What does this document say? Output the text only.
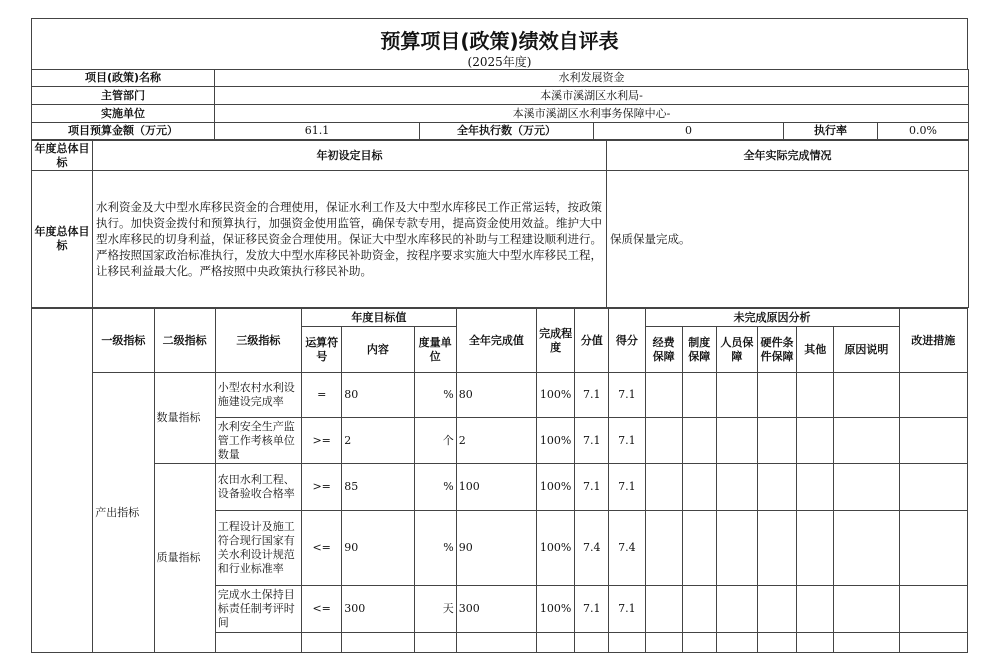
预算项目(政策)绩效自评表
(2025年度)
项目(政策)名称	水利发展资金				
主管部门	本溪市溪湖区水利局-				
实施单位	本溪市溪湖区水利事务保障中心-				
项目预算金额（万元）	61.1	全年执行数（万元）	0	执行率	0.0%
年度总体目标	年初设定目标	全年实际完成情况
年度总体目标	水利资金及大中型水库移民资金的合理使用，保证水利工作及大中型水库移民工作正常运转，按政策执行。加快资金拨付和预算执行，加强资金使用监管，确保专款专用，提高资金使用效益。维护大中型水库移民的切身利益，保证移民资金合理使用。保证大中型水库移民的补助与工程建设顺利进行。严格按照国家政治标准执行，发放大中型水库移民补助资金，按程序要求实施大中型水库移民工程，让移民利益最大化。严格按照中央政策执行移民补助。	保质保量完成。
	一级指标	二级指标	三级指标	年度目标值			全年完成值	完成程度	分值	得分	未完成原因分析						改进措施
				运算符号	内容	度量单位					经费保障	制度保障	人员保障	硬件条件保障	其他	原因说明	
	产出指标	数量指标	小型农村水利设施建设完成率	=	80	%	80	100%	7.1	7.1							
			水利安全生产监管工作考核单位数量	>=	2	个	2	100%	7.1	7.1							
		质量指标	农田水利工程、设备验收合格率	>=	85	%	100	100%	7.1	7.1							
			工程设计及施工符合现行国家有关水利设计规范和行业标准率	<=	90	%	90	100%	7.4	7.4							
			完成水土保持目标责任制考评时间	<=	300	天	300	100%	7.1	7.1							
